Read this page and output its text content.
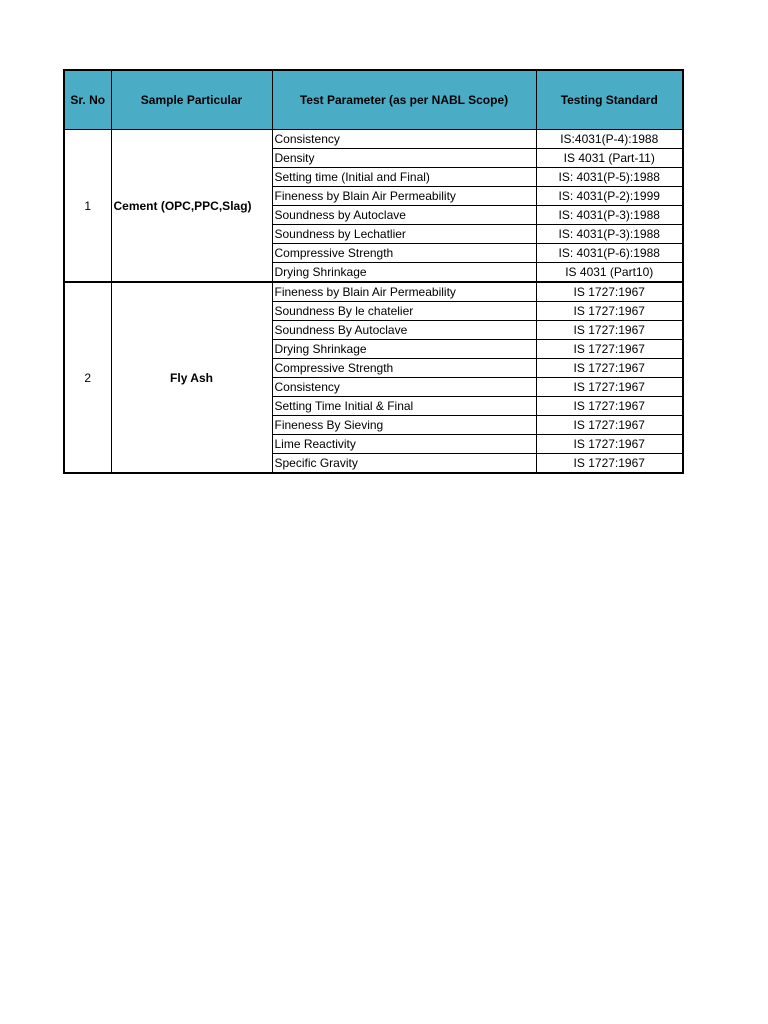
Sr. No	Sample Particular	Test Parameter (as per NABL Scope)	Testing Standard
1	Cement (OPC,PPC,Slag)	Consistency	IS:4031(P-4):1988
		Density	IS 4031 (Part-11)
		Setting time (Initial and Final)	IS: 4031(P-5):1988
		Fineness by Blain Air Permeability	IS: 4031(P-2):1999
		Soundness by Autoclave	IS: 4031(P-3):1988
		Soundness by Lechatlier	IS: 4031(P-3):1988
		Compressive Strength	IS: 4031(P-6):1988
		Drying Shrinkage	IS 4031 (Part10)
2	Fly Ash	Fineness by Blain Air Permeability	IS 1727:1967
		Soundness By le chatelier	IS 1727:1967
		Soundness By Autoclave	IS 1727:1967
		Drying Shrinkage	IS 1727:1967
		Compressive Strength	IS 1727:1967
		Consistency	IS 1727:1967
		Setting Time Initial & Final	IS 1727:1967
		Fineness By Sieving	IS 1727:1967
		Lime Reactivity	IS 1727:1967
		Specific Gravity	IS 1727:1967
